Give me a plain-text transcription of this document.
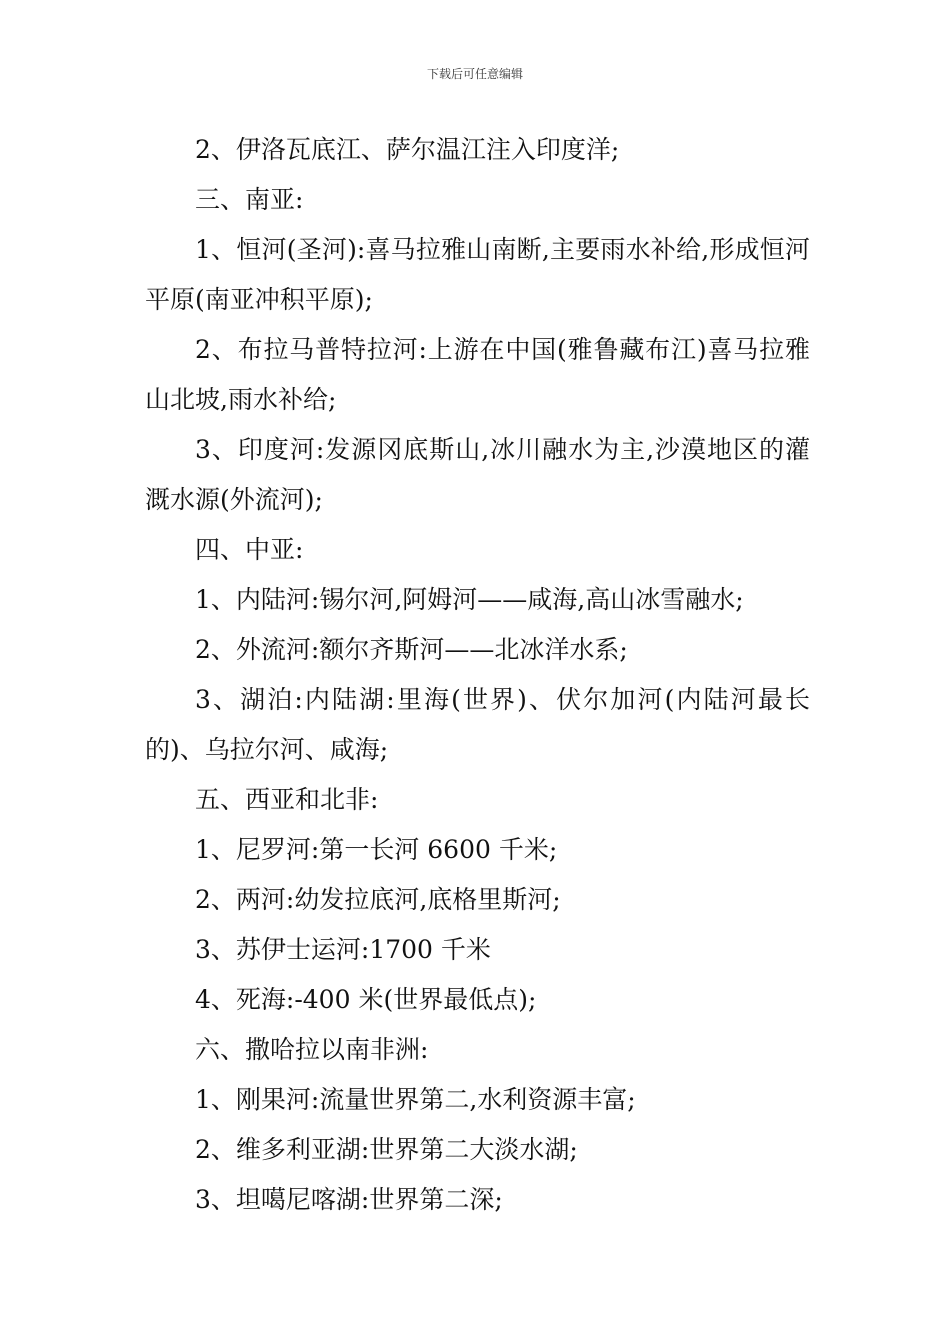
下载后可任意编辑

2、伊洛瓦底江、萨尔温江注入印度洋;

三、南亚:

1、恒河(圣河):喜马拉雅山南断,主要雨水补给,形成恒河平原(南亚冲积平原);

2、布拉马普特拉河:上游在中国(雅鲁藏布江)喜马拉雅山北坡,雨水补给;

3、印度河:发源冈底斯山,冰川融水为主,沙漠地区的灌溉水源(外流河);

四、中亚:

1、内陆河:锡尔河,阿姆河——咸海,高山冰雪融水;

2、外流河:额尔齐斯河——北冰洋水系;

3、湖泊:内陆湖:里海(世界)、伏尔加河(内陆河最长的)、乌拉尔河、咸海;

五、西亚和北非:

1、尼罗河:第一长河 6600 千米;

2、两河:幼发拉底河,底格里斯河;

3、苏伊士运河:1700 千米

4、死海:-400 米(世界最低点);

六、撒哈拉以南非洲:

1、刚果河:流量世界第二,水利资源丰富;

2、维多利亚湖:世界第二大淡水湖;

3、坦噶尼喀湖:世界第二深;
